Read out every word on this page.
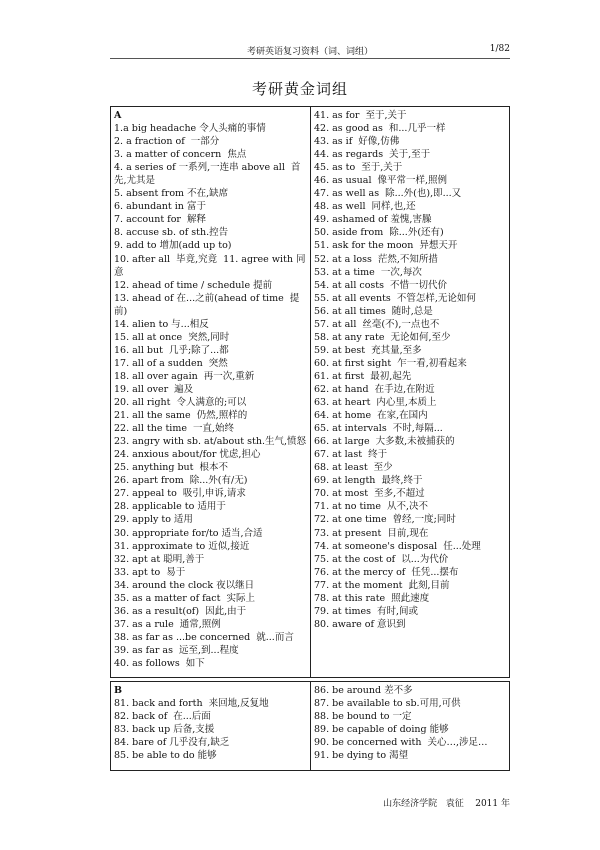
考研英语复习资料（词、词组）	1/82
考研黄金词组
A
1.a big headache 令人头痛的事情
2. a fraction of  一部分
3. a matter of concern  焦点
4. a series of 一系列,一连串 above all  首先,尤其是
5. absent from 不在,缺席
6. abundant in 富于
7. account for  解释
8. accuse sb. of sth.控告
9. add to 增加(add up to)
10. after all  毕竟,究竟  11. agree with 同意
12. ahead of time / schedule 提前
13. ahead of 在...之前(ahead of time  提前)
14. alien to 与...相反
15. all at once  突然,同时
16. all but  几乎;除了...都
17. all of a sudden  突然
18. all over again  再一次,重新
19. all over  遍及
20. all right  令人满意的;可以
21. all the same  仍然,照样的
22. all the time  一直,始终
23. angry with sb. at/about sth.生气,愤怒
24. anxious about/for 忧虑,担心
25. anything but  根本不
26. apart from  除...外(有/无)
27. appeal to  吸引,申诉,请求
28. applicable to 适用于
29. apply to 适用
30. appropriate for/to 适当,合适
31. approximate to 近似,接近
32. apt at 聪明,善于
33. apt to  易于
34. around the clock 夜以继日
35. as a matter of fact  实际上
36. as a result(of)  因此,由于
37. as a rule  通常,照例
38. as far as ...be concerned  就...而言
39. as far as  远至,到...程度
40. as follows  如下
41. as for  至于,关于
42. as good as  和...几乎一样
43. as if  好像,仿佛
44. as regards  关于,至于
45. as to  至于,关于
46. as usual  像平常一样,照例
47. as well as  除...外(也),即...又
48. as well  同样,也,还
49. ashamed of 羞愧,害臊
50. aside from  除...外(还有)
51. ask for the moon  异想天开
52. at a loss  茫然,不知所措
53. at a time  一次,每次
54. at all costs  不惜一切代价
55. at all events  不管怎样,无论如何
56. at all times  随时,总是
57. at all  丝毫(不),一点也不
58. at any rate  无论如何,至少
59. at best  充其量,至多
60. at first sight  乍一看,初看起来
61. at first  最初,起先
62. at hand  在手边,在附近
63. at heart  内心里,本质上
64. at home  在家,在国内
65. at intervals  不时,每隔...
66. at large  大多数,未被捕获的
67. at last  终于
68. at least  至少
69. at length  最终,终于
70. at most  至多,不超过
71. at no time  从不,决不
72. at one time  曾经,一度;同时
73. at present  目前,现在
74. at someone's disposal  任...处理
75. at the cost of  以...为代价
76. at the mercy of  任凭...摆布
77. at the moment  此刻,目前
78. at this rate  照此速度
79. at times  有时,间或
80. aware of 意识到
B
81. back and forth  来回地,反复地
82. back of  在...后面
83. back up 后备,支援
84. bare of 几乎没有,缺乏
85. be able to do 能够
86. be around 差不多
87. be available to sb.可用,可供
88. be bound to 一定
89. be capable of doing 能够
90. be concerned with  关心…,涉足…
91. be dying to 渴望
山东经济学院 袁征 2011 年
